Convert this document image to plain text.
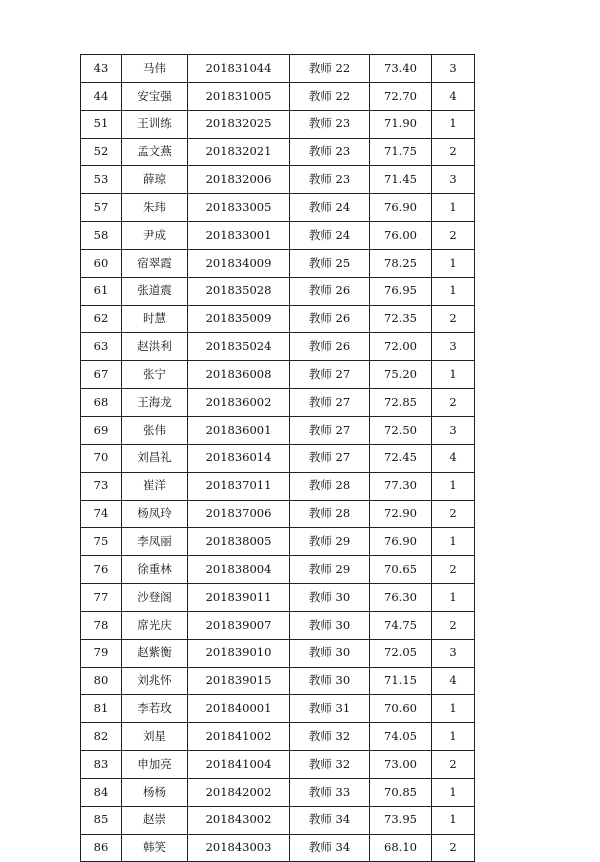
43	马伟	201831044	教师 22	73.40	3
44	安宝强	201831005	教师 22	72.70	4
51	王训练	201832025	教师 23	71.90	1
52	孟文燕	201832021	教师 23	71.75	2
53	薛琼	201832006	教师 23	71.45	3
57	朱玮	201833005	教师 24	76.90	1
58	尹成	201833001	教师 24	76.00	2
60	宿翠霞	201834009	教师 25	78.25	1
61	张道震	201835028	教师 26	76.95	1
62	时慧	201835009	教师 26	72.35	2
63	赵洪利	201835024	教师 26	72.00	3
67	张宁	201836008	教师 27	75.20	1
68	王海龙	201836002	教师 27	72.85	2
69	张伟	201836001	教师 27	72.50	3
70	刘昌礼	201836014	教师 27	72.45	4
73	崔洋	201837011	教师 28	77.30	1
74	杨凤玲	201837006	教师 28	72.90	2
75	李凤丽	201838005	教师 29	76.90	1
76	徐重林	201838004	教师 29	70.65	2
77	沙登阁	201839011	教师 30	76.30	1
78	席光庆	201839007	教师 30	74.75	2
79	赵紫衡	201839010	教师 30	72.05	3
80	刘兆怀	201839015	教师 30	71.15	4
81	李若玫	201840001	教师 31	70.60	1
82	刘星	201841002	教师 32	74.05	1
83	申加亮	201841004	教师 32	73.00	2
84	杨杨	201842002	教师 33	70.85	1
85	赵崇	201843002	教师 34	73.95	1
86	韩笑	201843003	教师 34	68.10	2
